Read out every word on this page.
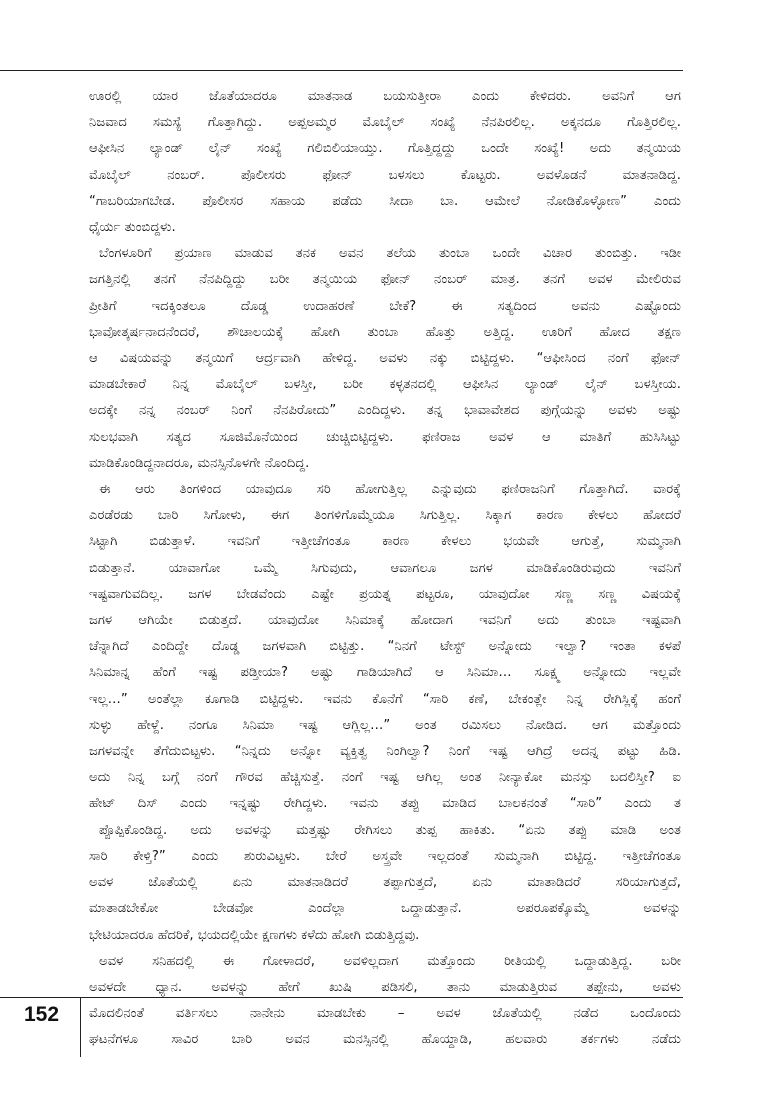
ಊರಲ್ಲಿ ಯಾರ ಜೊತೆಯಾದರೂ ಮಾತನಾಡ ಬಯಸುತ್ತೀರಾ ಎಂದು ಕೇಳಿದರು. ಅವನಿಗೆ ಆಗ

ನಿಜವಾದ ಸಮಸ್ಯೆ ಗೊತ್ತಾಗಿದ್ದು. ಅಪ್ಪಅಮ್ಮರ ಮೊಬೈಲ್ ಸಂಖ್ಯೆ ನೆನಪಿರಲಿಲ್ಲ. ಅಕ್ಕನದೂ ಗೊತ್ತಿರಲಿಲ್ಲ.

ಆಫೀಸಿನ ಲ್ಯಾಂಡ್ ಲೈನ್ ಸಂಖ್ಯೆ ಗಲಿಬಿಲಿಯಾಯ್ತು. ಗೊತ್ತಿದ್ದದ್ದು ಒಂದೇ ಸಂಖ್ಯೆ! ಅದು ತನ್ಮಯಿಯ

ಮೊಬೈಲ್ ನಂಬರ್. ಪೊಲೀಸರು ಫೋನ್ ಬಳಸಲು ಕೊಟ್ಟರು. ಅವಳೊಡನೆ ಮಾತನಾಡಿದ್ದ.

“ಗಾಬರಿಯಾಗಬೇಡ. ಪೊಲೀಸರ ಸಹಾಯ ಪಡೆದು ಸೀದಾ ಬಾ. ಆಮೇಲೆ ನೋಡಿಕೊಳ್ಳೋಣ” ಎಂದು

ಧೈರ್ಯ ತುಂಬಿದ್ದಳು.

ಬೆಂಗಳೂರಿಗೆ ಪ್ರಯಾಣ ಮಾಡುವ ತನಕ ಅವನ ತಲೆಯ ತುಂಬಾ ಒಂದೇ ವಿಚಾರ ತುಂಬಿತ್ತು. ಇಡೀ

ಜಗತ್ತಿನಲ್ಲಿ ತನಗೆ ನೆನಪಿದ್ದಿದ್ದು ಬರೀ ತನ್ಮಯಿಯ ಫೋನ್ ನಂಬರ್ ಮಾತ್ರ. ತನಗೆ ಅವಳ ಮೇಲಿರುವ

ಪ್ರೀತಿಗೆ ಇದಕ್ಕಿಂತಲೂ ದೊಡ್ಡ ಉದಾಹರಣೆ ಬೇಕೆ? ಈ ಸತ್ಯದಿಂದ ಅವನು ಎಷ್ಟೊಂದು

ಭಾವೋತ್ಕರ್ಷನಾದನೆಂದರೆ, ಶೌಚಾಲಯಕ್ಕೆ ಹೋಗಿ ತುಂಬಾ ಹೊತ್ತು ಅತ್ತಿದ್ದ. ಊರಿಗೆ ಹೋದ ತಕ್ಷಣ

ಆ ವಿಷಯವನ್ನು ತನ್ಮಯಿಗೆ ಆರ್ದ್ರವಾಗಿ ಹೇಳಿದ್ದ. ಅವಳು ನಕ್ಕು ಬಿಟ್ಟಿದ್ದಳು. “ಆಫೀಸಿಂದ ನಂಗೆ ಫೋನ್

ಮಾಡಬೇಕಾರೆ ನಿನ್ನ ಮೊಬೈಲ್ ಬಳಸ್ತೀ, ಬರೀ ಕಳ್ಳತನದಲ್ಲಿ ಆಫೀಸಿನ ಲ್ಯಾಂಡ್ ಲೈನ್ ಬಳಸ್ತೀಯ.

ಅದಕ್ಕೇ ನನ್ನ ನಂಬರ್ ನಿಂಗೆ ನೆನಪಿರೋದು” ಎಂದಿದ್ದಳು. ತನ್ನ ಭಾವಾವೇಶದ ಪುಗ್ಗೆಯನ್ನು ಅವಳು ಅಷ್ಟು

ಸುಲಭವಾಗಿ ಸತ್ಯದ ಸೂಜಿಮೊನೆಯಿಂದ ಚುಚ್ಚಿಬಿಟ್ಟಿದ್ದಳು. ಫಣಿರಾಜ ಅವಳ ಆ ಮಾತಿಗೆ ಹುಸಿಸಿಟ್ಟು

ಮಾಡಿಕೊಂಡಿದ್ದನಾದರೂ, ಮನಸ್ಸಿನೊಳಗೇ ನೊಂದಿದ್ದ.

ಈ ಆರು ತಿಂಗಳಿಂದ ಯಾವುದೂ ಸರಿ ಹೋಗುತ್ತಿಲ್ಲ ಎನ್ನುವುದು ಫಣಿರಾಜನಿಗೆ ಗೊತ್ತಾಗಿದೆ. ವಾರಕ್ಕೆ

ಎರಡೆರಡು ಬಾರಿ ಸಿಗೋಳು, ಈಗ ತಿಂಗಳಿಗೊಮ್ಮೆಯೂ ಸಿಗುತ್ತಿಲ್ಲ. ಸಿಕ್ಕಾಗ ಕಾರಣ ಕೇಳಲು ಹೋದರೆ

ಸಿಟ್ಟಾಗಿ ಬಿಡುತ್ತಾಳೆ. ಇವನಿಗೆ ಇತ್ತೀಚೆಗಂತೂ ಕಾರಣ ಕೇಳಲು ಭಯವೇ ಆಗುತ್ತೆ, ಸುಮ್ಮನಾಗಿ

ಬಿಡುತ್ತಾನೆ. ಯಾವಾಗೋ ಒಮ್ಮೆ ಸಿಗುವುದು, ಆವಾಗಲೂ ಜಗಳ ಮಾಡಿಕೊಂಡಿರುವುದು ಇವನಿಗೆ

ಇಷ್ಟವಾಗುವದಿಲ್ಲ. ಜಗಳ ಬೇಡವೆಂದು ಎಷ್ಟೇ ಪ್ರಯತ್ನ ಪಟ್ಟರೂ, ಯಾವುದೋ ಸಣ್ಣ ಸಣ್ಣ ವಿಷಯಕ್ಕೆ

ಜಗಳ ಆಗಿಯೇ ಬಿಡುತ್ತದೆ. ಯಾವುದೋ ಸಿನಿಮಾಕ್ಕೆ ಹೋದಾಗ ಇವನಿಗೆ ಅದು ತುಂಬಾ ಇಷ್ಟವಾಗಿ

ಚೆನ್ನಾಗಿದೆ ಎಂದಿದ್ದೇ ದೊಡ್ಡ ಜಗಳವಾಗಿ ಬಿಟ್ಟಿತ್ತು. “ನಿನಗೆ ಟೇಸ್ಟ್ ಅನ್ನೋದು ಇಲ್ವಾ? ಇಂತಾ ಕಳಪೆ

ಸಿನಿಮಾನ್ನ ಹೆಂಗೆ ಇಷ್ಟ ಪಡ್ತೀಯಾ? ಅಷ್ಟು ಗಾಡಿಯಾಗಿದೆ ಆ ಸಿನಿಮಾ… ಸೂಕ್ಷ್ಮ ಅನ್ನೋದು ಇಲ್ಲವೇ

ಇಲ್ಲ…” ಅಂತೆಲ್ಲಾ ಕೂಗಾಡಿ ಬಿಟ್ಟಿದ್ದಳು. ಇವನು ಕೊನೆಗೆ “ಸಾರಿ ಕಣೆ, ಬೇಕಂತ್ಲೇ ನಿನ್ನ ರೇಗಿಸ್ಲಿಕ್ಕೆ ಹಂಗೆ

ಸುಳ್ಳು ಹೇಳ್ದೆ. ನಂಗೂ ಸಿನಿಮಾ ಇಷ್ಟ ಆಗ್ಲಿಲ್ಲ…” ಅಂತ ರಮಿಸಲು ನೋಡಿದ. ಆಗ ಮತ್ತೊಂದು

ಜಗಳವನ್ನೇ ತೆಗೆದುಬಿಟ್ಟಳು. “ನಿನ್ನದು ಅನ್ನೋ ವ್ಯಕ್ತಿತ್ವ ನಿಂಗಿಲ್ವಾ? ನಿಂಗೆ ಇಷ್ಟ ಆಗಿದ್ರೆ ಅದನ್ನ ಪಟ್ಟು ಹಿಡಿ.

ಅದು ನಿನ್ನ ಬಗ್ಗೆ ನಂಗೆ ಗೌರವ ಹೆಚ್ಚಿಸುತ್ತೆ. ನಂಗೆ ಇಷ್ಟ ಆಗಿಲ್ಲ ಅಂತ ನೀನ್ಯಾಕೋ ಮನಸ್ಸು ಬದಲಿಸ್ತೀ? ಐ

ಹೇಟ್ ದಿಸ್ ಎಂದು ಇನ್ನಷ್ಟು ರೇಗಿದ್ದಳು. ಇವನು ತಪ್ಪು ಮಾಡಿದ ಬಾಲಕನಂತೆ “ಸಾರಿ” ಎಂದು ತ

ಪ್ಪೊಪ್ಪಿಕೊಂಡಿದ್ದ. ಅದು ಅವಳನ್ನು ಮತ್ತಷ್ಟು ರೇಗಿಸಲು ತುಪ್ಪ ಹಾಕಿತು. “ಏನು ತಪ್ಪು ಮಾಡಿ ಅಂತ

ಸಾರಿ ಕೇಳ್ತಿ?” ಎಂದು ಶುರುವಿಟ್ಟಳು. ಬೇರೆ ಅಸ್ತ್ರವೇ ಇಲ್ಲದಂತೆ ಸುಮ್ಮನಾಗಿ ಬಿಟ್ಟಿದ್ದ. ಇತ್ತೀಚೆಗಂತೂ

ಅವಳ ಜೊತೆಯಲ್ಲಿ ಏನು ಮಾತನಾಡಿದರೆ ತಪ್ಪಾಗುತ್ತದೆ, ಏನು ಮಾತಾಡಿದರೆ ಸರಿಯಾಗುತ್ತದೆ,

ಮಾತಾಡಬೇಕೋ ಬೇಡವೋ ಎಂದೆಲ್ಲಾ ಒದ್ದಾಡುತ್ತಾನೆ. ಅಪರೂಪಕ್ಕೊಮ್ಮೆ ಅವಳನ್ನು

ಭೇಟಿಯಾದರೂ ಹೆದರಿಕೆ, ಭಯದಲ್ಲಿಯೇ ಕ್ಷಣಗಳು ಕಳೆದು ಹೋಗಿ ಬಿಡುತ್ತಿದ್ದವು.

ಅವಳ ಸನಿಹದಲ್ಲಿ ಈ ಗೋಳಾದರೆ, ಅವಳಿಲ್ಲದಾಗ ಮತ್ತೊಂದು ರೀತಿಯಲ್ಲಿ ಒದ್ದಾಡುತ್ತಿದ್ದ. ಬರೀ

ಅವಳದೇ ಧ್ಯಾನ. ಅವಳನ್ನು ಹೇಗೆ ಖುಷಿ ಪಡಿಸಲಿ, ತಾನು ಮಾಡುತ್ತಿರುವ ತಪ್ಪೇನು, ಅವಳು

ಮೊದಲಿನಂತೆ ವರ್ತಿಸಲು ನಾನೇನು ಮಾಡಬೇಕು – ಅವಳ ಜೊತೆಯಲ್ಲಿ ನಡೆದ ಒಂದೊಂದು

ಘಟನೆಗಳೂ ಸಾವಿರ ಬಾರಿ ಅವನ ಮನಸ್ಸಿನಲ್ಲಿ ಹೊಯ್ದಾಡಿ, ಹಲವಾರು ತರ್ಕಗಳು ನಡೆದು

152
